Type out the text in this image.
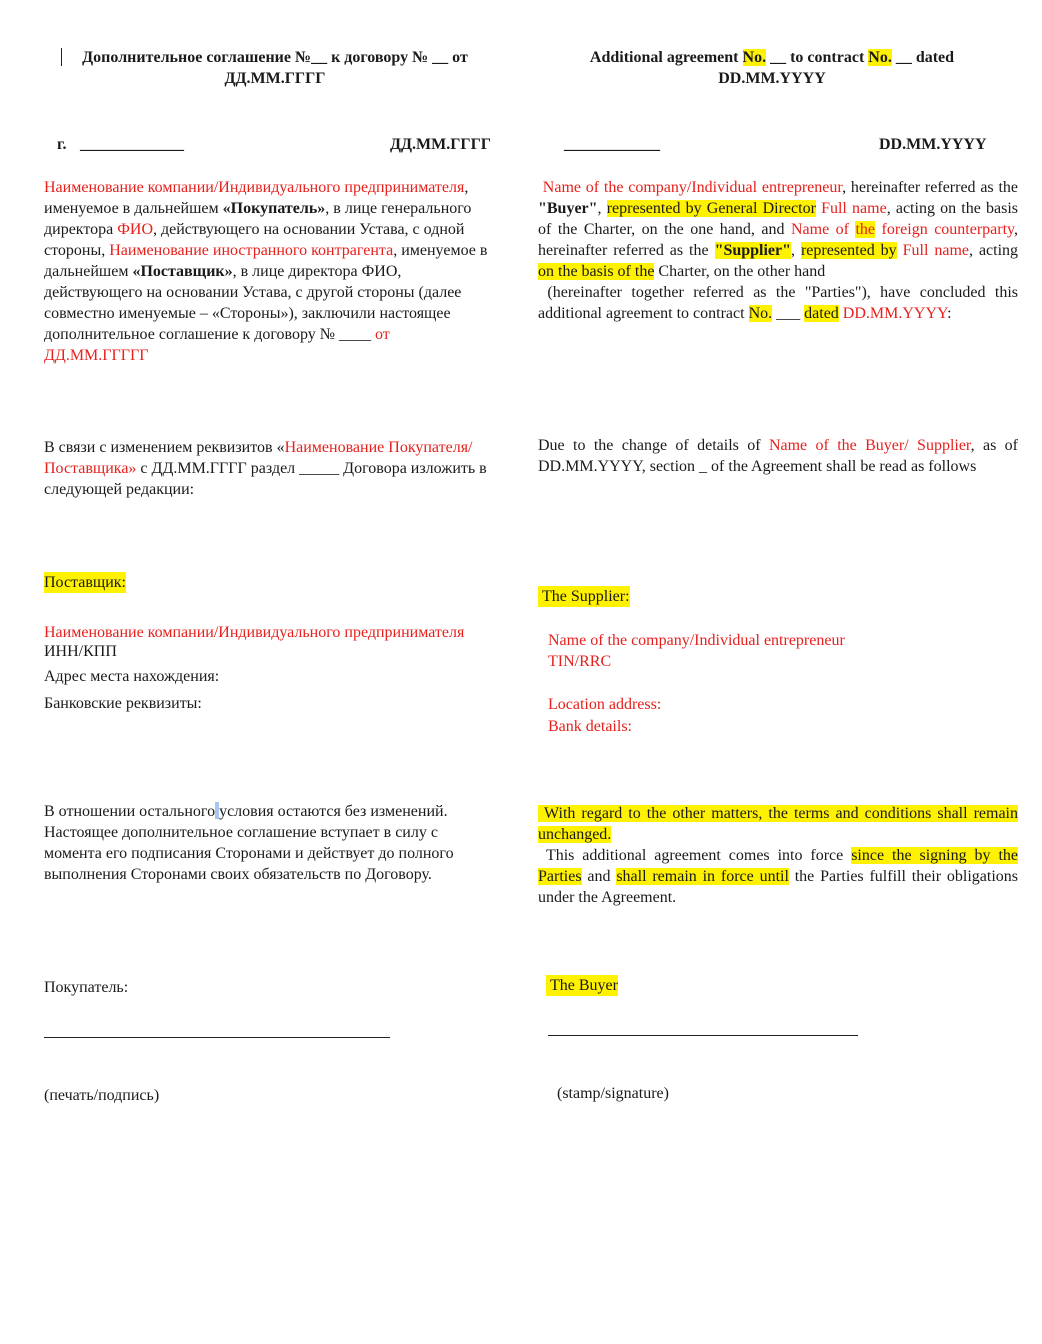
Дополнительное соглашение №__ к договору № __ от
ДД.ММ.ГГГГ
Additional agreement No. __ to contract No. __ dated
DD.MM.YYYY
г. _____________	ДД.ММ.ГГГГ	____________	DD.MM.YYYY
Наименование компании/Индивидуального предпринимателя, именуемое в дальнейшем «Покупатель», в лице генерального директора ФИО, действующего на основании Устава, с одной стороны, Наименование иностранного контрагента, именуемое в дальнейшем «Поставщик», в лице директора ФИО, действующего на основании Устава, с другой стороны (далее совместно именуемые – «Стороны»), заключили настоящее дополнительное соглашение к договору № ____ от ДД.ММ.ГГГГГ
Name of the company/Individual entrepreneur, hereinafter referred as the "Buyer", represented by General Director Full name, acting on the basis of the Charter, on the one hand, and Name of the foreign counterparty, hereinafter referred as the "Supplier", represented by Full name, acting on the basis of the Charter, on the other hand
(hereinafter together referred as the "Parties"), have concluded this additional agreement to contract No. ___ dated DD.MM.YYYY:
В связи с изменением реквизитов «Наименование Покупателя/Поставщика» с ДД.ММ.ГГГГ раздел _____ Договора изложить в следующей редакции:
Due to the change of details of Name of the Buyer/ Supplier, as of DD.MM.YYYY, section _ of the Agreement shall be read as follows
Поставщик:
The Supplier:
Наименование компании/Индивидуального предпринимателя
ИНН/КПП
Адрес места нахождения:
Банковские реквизиты:
Name of the company/Individual entrepreneur
TIN/RRC
Location address:
Bank details:
В отношении остального условия остаются без изменений. Настоящее дополнительное соглашение вступает в силу с момента его подписания Сторонами и действует до полного выполнения Сторонами своих обязательств по Договору.
With regard to the other matters, the terms and conditions shall remain unchanged.
This additional agreement comes into force since the signing by the Parties and shall remain in force until the Parties fulfill their obligations under the Agreement.
Покупатель:	The Buyer
(печать/подпись)	(stamp/signature)
